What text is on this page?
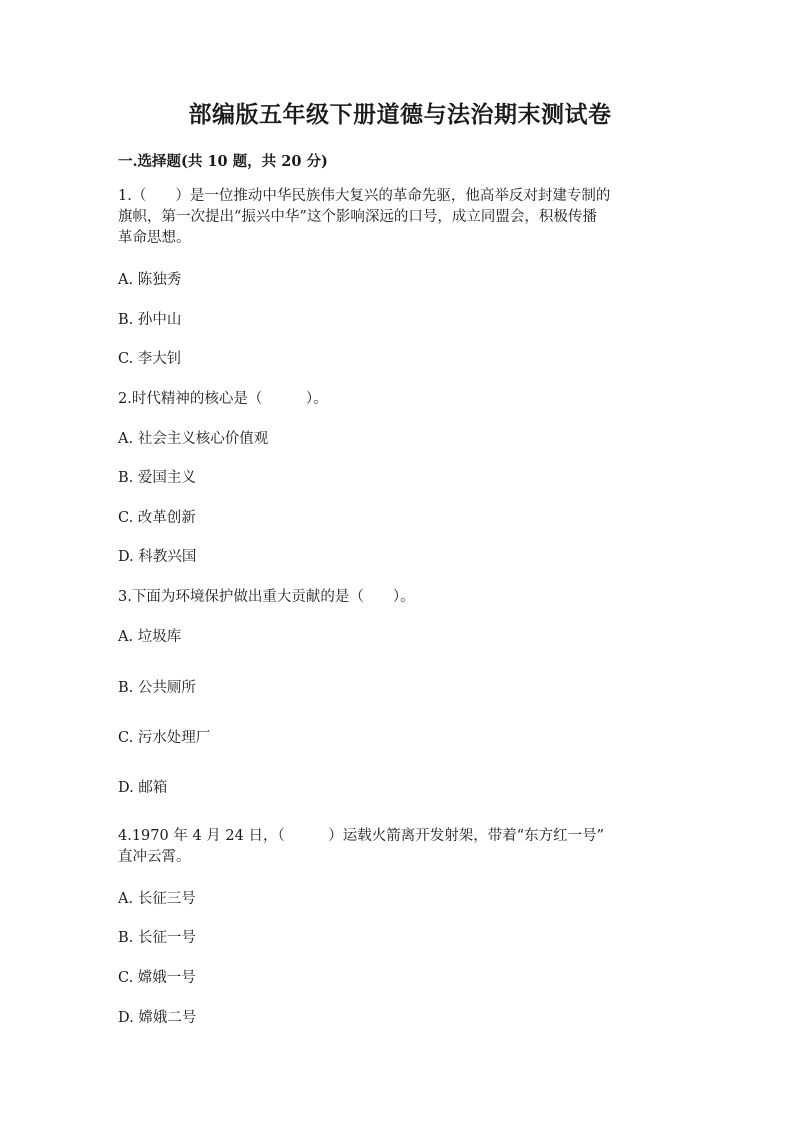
部编版五年级下册道德与法治期末测试卷
一.选择题(共 10 题，共 20 分)
1.（　　）是一位推动中华民族伟大复兴的革命先驱，他高举反对封建专制的
旗帜，第一次提出“振兴中华”这个影响深远的口号，成立同盟会，积极传播
革命思想。
A. 陈独秀
B. 孙中山
C. 李大钊
2.时代精神的核心是（　　　）。
A. 社会主义核心价值观
B. 爱国主义
C. 改革创新
D. 科教兴国
3.下面为环境保护做出重大贡献的是（　　）。
A. 垃圾库
B. 公共厕所
C. 污水处理厂
D. 邮箱
4.1970 年 4 月 24 日，（　　　）运载火箭离开发射架，带着“东方红一号”
直冲云霄。
A. 长征三号
B. 长征一号
C. 嫦娥一号
D. 嫦娥二号
